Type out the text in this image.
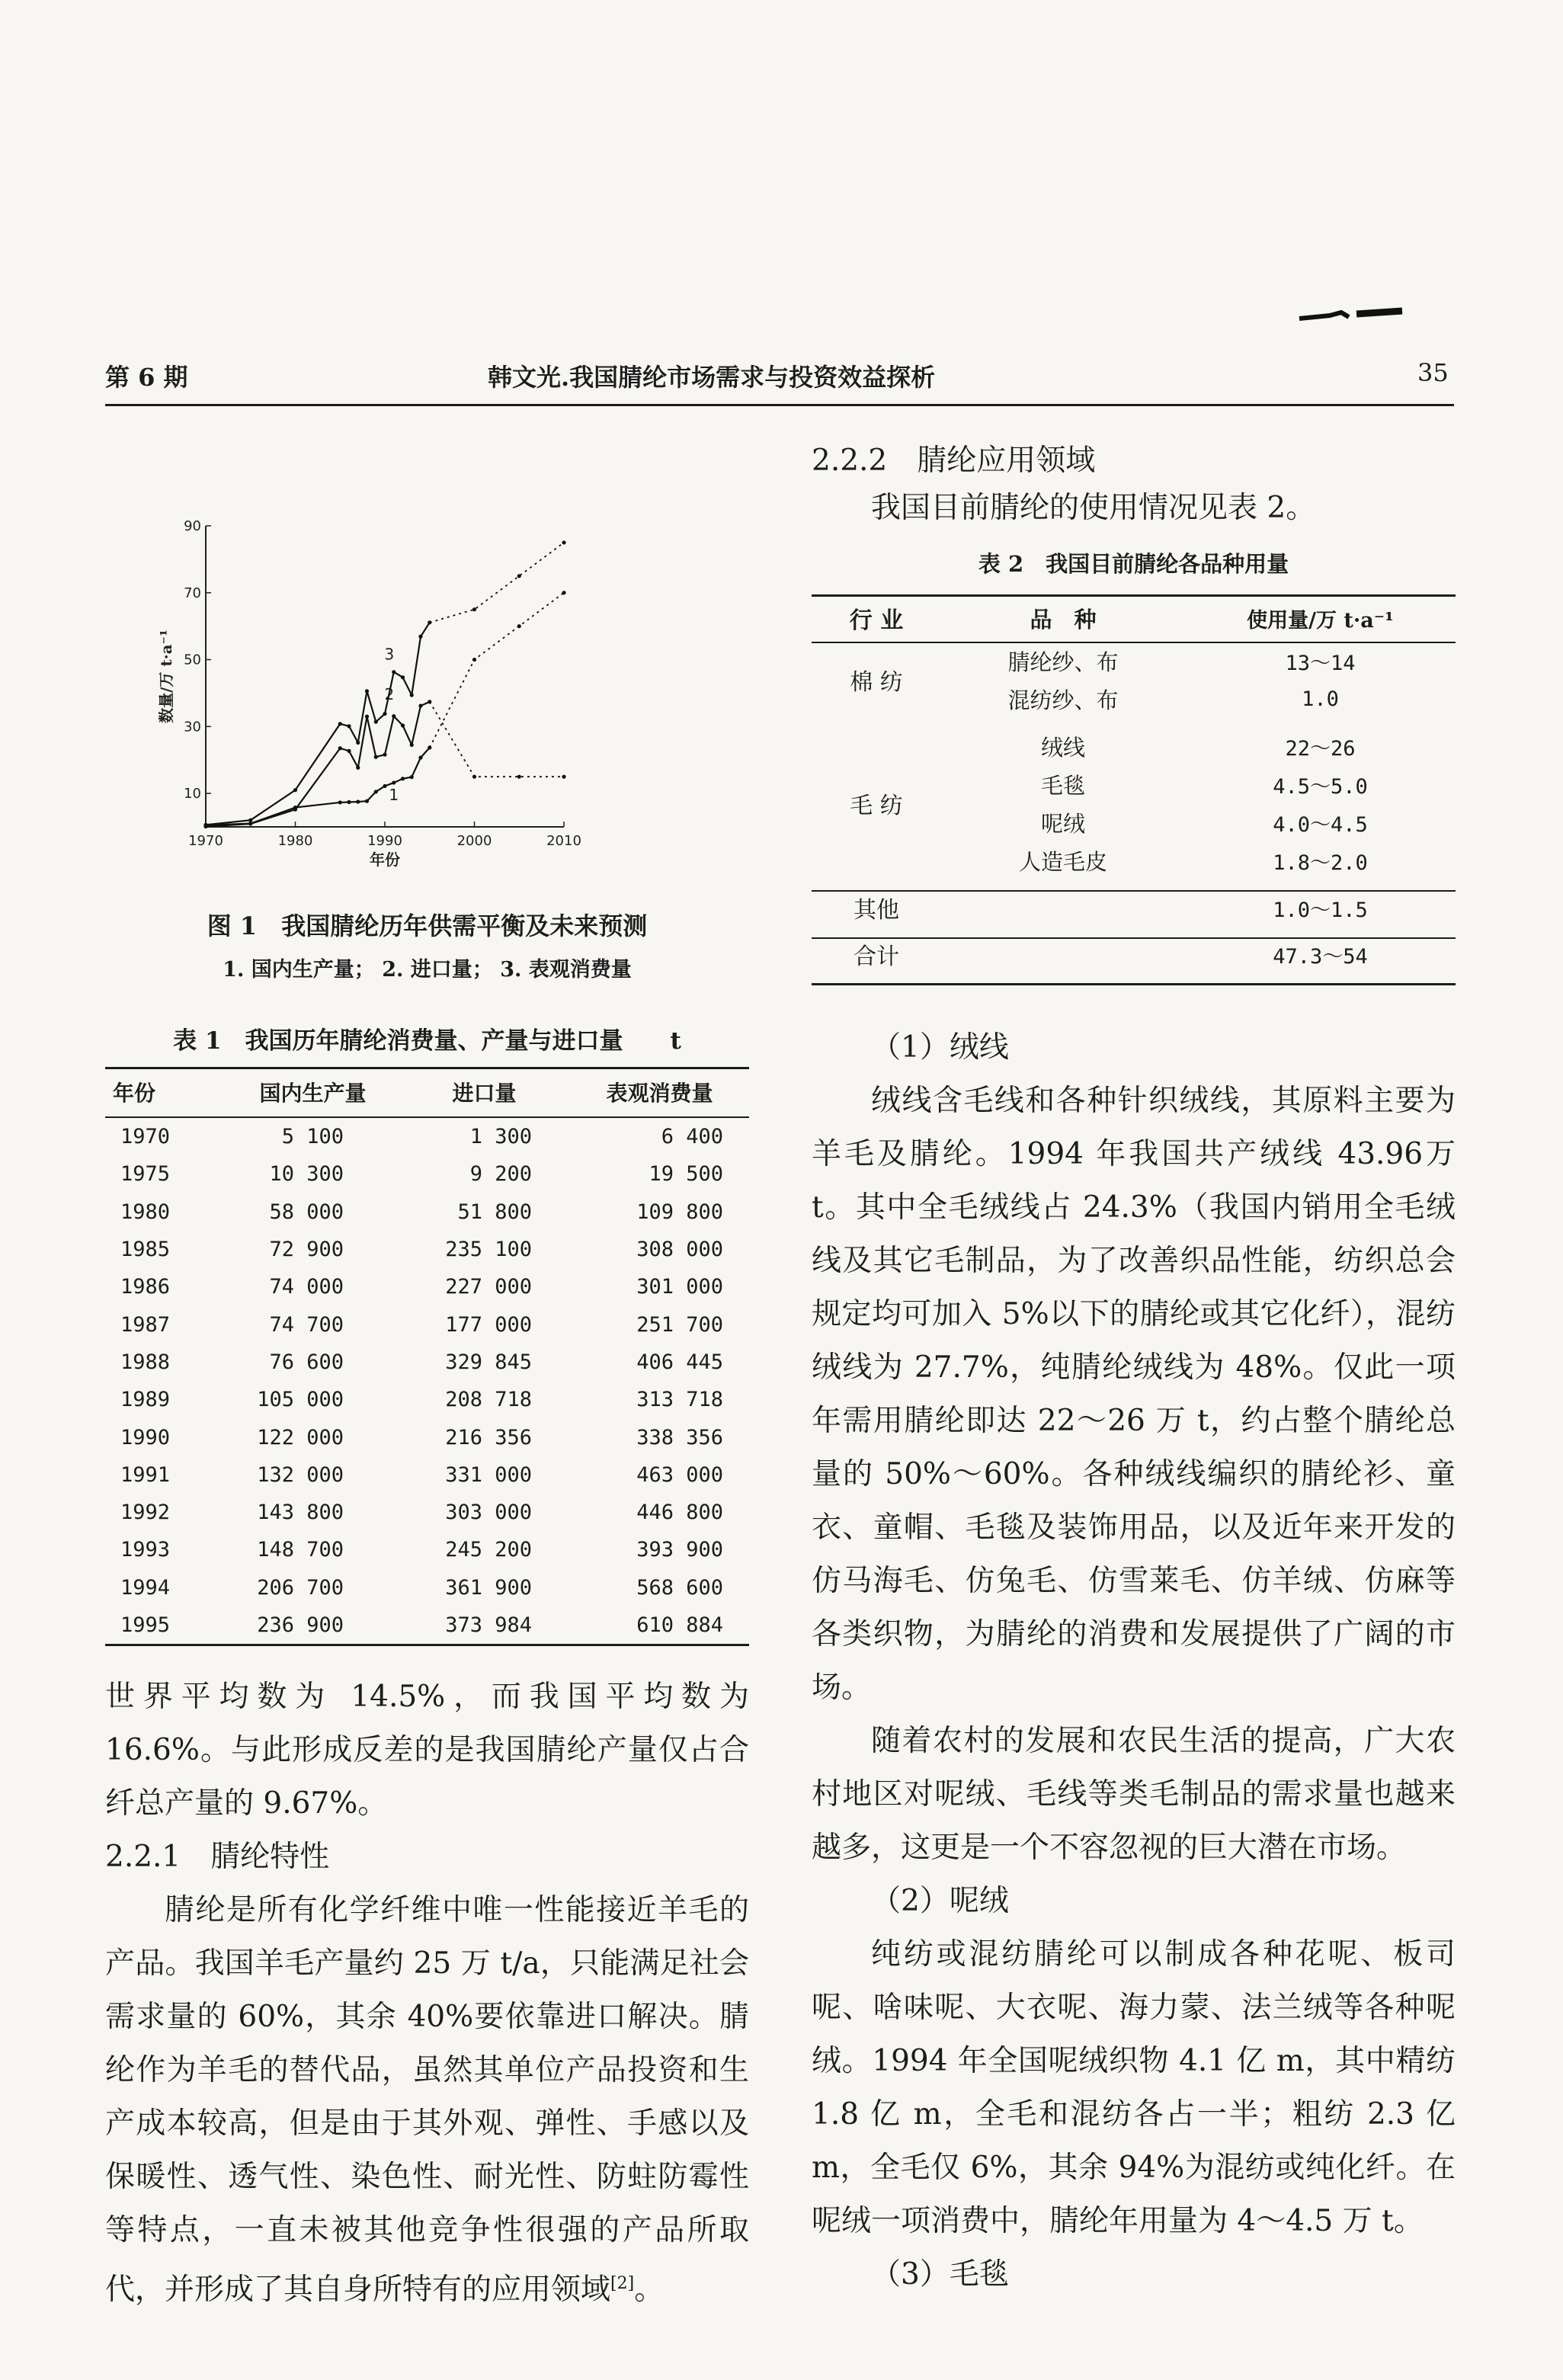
第 6 期	韩文光.我国腈纶市场需求与投资效益探析	35
10
30
50
70
90
1970	1980	1990	2000	2010
年份
数量/万 t·a⁻¹
1
2
3
图 1　我国腈纶历年供需平衡及未来预测
1. 国内生产量； 2. 进口量； 3. 表观消费量
表 1　我国历年腈纶消费量、产量与进口量　　t
年份	国内生产量	进口量	表观消费量
1970	5 100	1 300	6 400
1975	10 300	9 200	19 500
1980	58 000	51 800	109 800
1985	72 900	235 100	308 000
1986	74 000	227 000	301 000
1987	74 700	177 000	251 700
1988	76 600	329 845	406 445
1989	105 000	208 718	313 718
1990	122 000	216 356	338 356
1991	132 000	331 000	463 000
1992	143 800	303 000	446 800
1993	148 700	245 200	393 900
1994	206 700	361 900	568 600
1995	236 900	373 984	610 884

世界平均数为 14.5%，而我国平均数为 16.6%。与此形成反差的是我国腈纶产量仅占合纤总产量的 9.67%。

2.2.1　腈纶特性

腈纶是所有化学纤维中唯一性能接近羊毛的产品。我国羊毛产量约 25 万 t/a，只能满足社会需求量的 60%，其余 40%要依靠进口解决。腈纶作为羊毛的替代品，虽然其单位产品投资和生产成本较高，但是由于其外观、弹性、手感以及保暖性、透气性、染色性、耐光性、防蛀防霉性等特点，一直未被其他竞争性很强的产品所取代，并形成了其自身所特有的应用领域[2]。

2.2.2　腈纶应用领域

我国目前腈纶的使用情况见表 2。

表 2　我国目前腈纶各品种用量
行 业	品　种	使用量/万 t·a⁻¹
棉 纺	腈纶纱、布	13～14
	混纺纱、布	1.0

毛 纺	绒线	22～26
	毛毯	4.5～5.0
	呢绒	4.0～4.5
	人造毛皮	1.8～2.0

其他		1.0～1.5
合计		47.3～54

（1）绒线

绒线含毛线和各种针织绒线，其原料主要为羊毛及腈纶。1994 年我国共产绒线 43.96万 t。其中全毛绒线占 24.3%（我国内销用全毛绒线及其它毛制品，为了改善织品性能，纺织总会规定均可加入 5%以下的腈纶或其它化纤），混纺绒线为 27.7%，纯腈纶绒线为 48%。仅此一项年需用腈纶即达 22～26 万 t，约占整个腈纶总量的 50%～60%。各种绒线编织的腈纶衫、童衣、童帽、毛毯及装饰用品，以及近年来开发的仿马海毛、仿兔毛、仿雪莱毛、仿羊绒、仿麻等各类织物，为腈纶的消费和发展提供了广阔的市场。

随着农村的发展和农民生活的提高，广大农村地区对呢绒、毛线等类毛制品的需求量也越来越多，这更是一个不容忽视的巨大潜在市场。

（2）呢绒

纯纺或混纺腈纶可以制成各种花呢、板司呢、啥味呢、大衣呢、海力蒙、法兰绒等各种呢绒。1994 年全国呢绒织物 4.1 亿 m，其中精纺 1.8 亿 m，全毛和混纺各占一半；粗纺 2.3 亿 m，全毛仅 6%，其余 94%为混纺或纯化纤。在呢绒一项消费中，腈纶年用量为 4～4.5 万 t。

（3）毛毯
